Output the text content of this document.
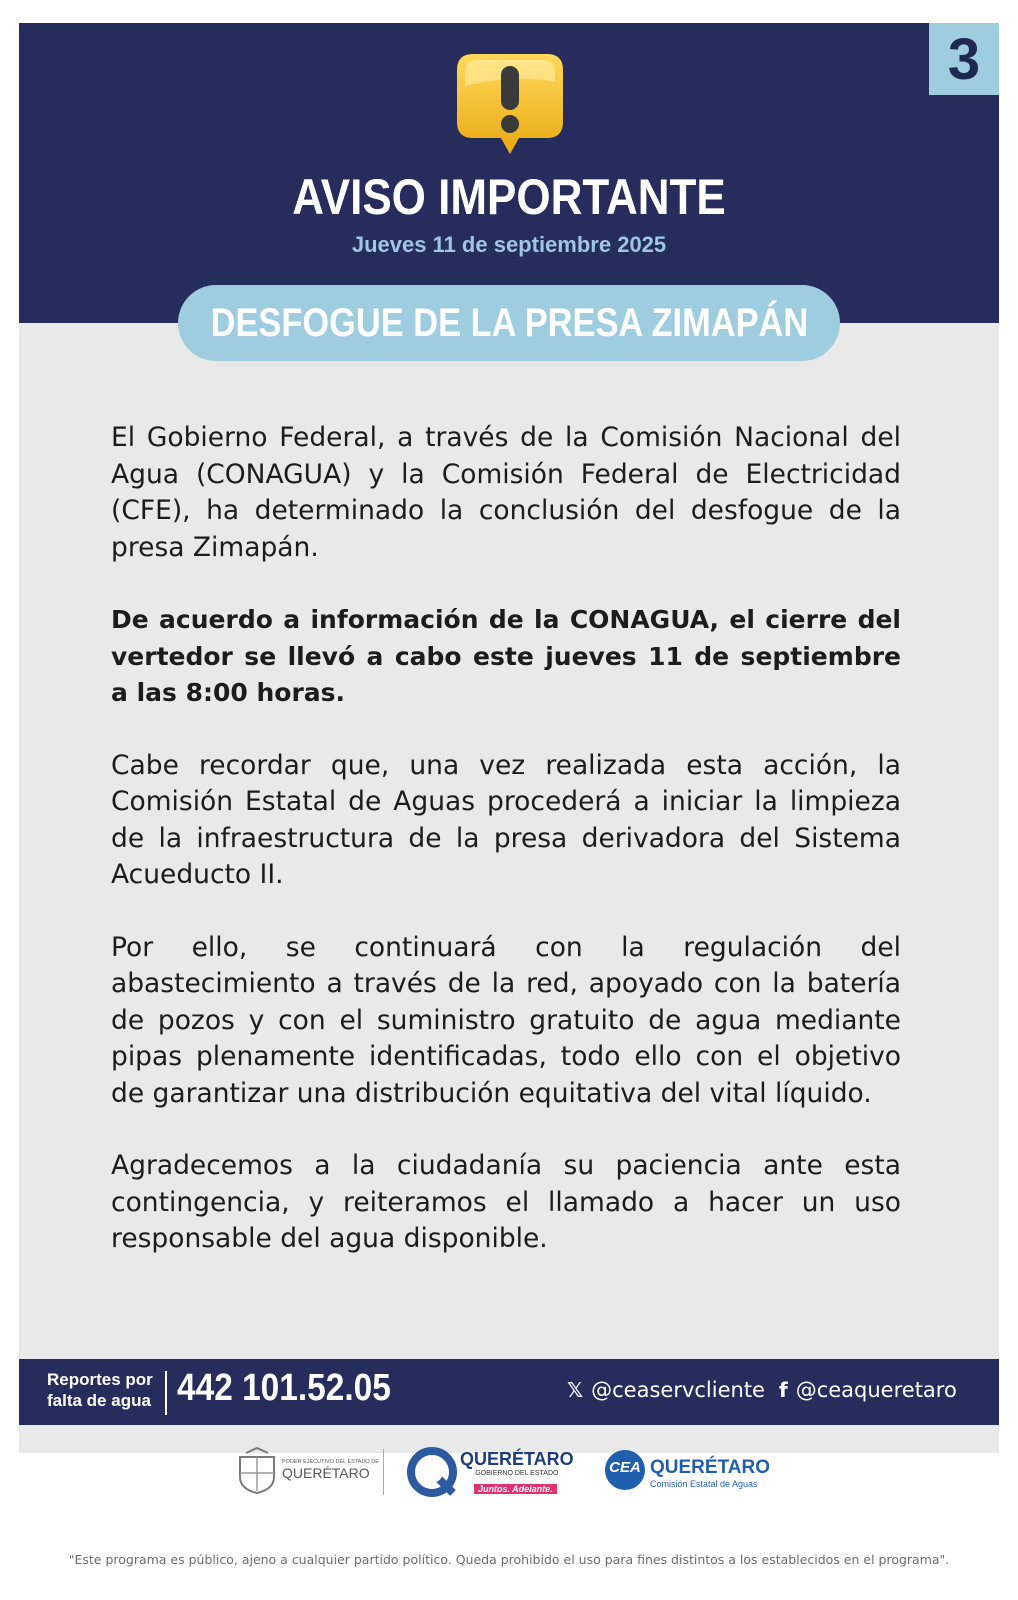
3
AVISO IMPORTANTE
Jueves 11 de septiembre 2025
DESFOGUE DE LA PRESA ZIMAPÁN

El Gobierno Federal, a través de la Comisión Nacional del Agua (CONAGUA) y la Comisión Federal de Electricidad (CFE), ha determinado la conclusión del desfogue de la presa Zimapán.

De acuerdo a información de la CONAGUA, el cierre del vertedor se llevó a cabo este jueves 11 de septiembre a las 8:00 horas.

Cabe recordar que, una vez realizada esta acción, la Comisión Estatal de Aguas procederá a iniciar la limpieza de la infraestructura de la presa derivadora del Sistema Acueducto II.

Por ello, se continuará con la regulación del abastecimiento a través de la red, apoyado con la batería de pozos y con el suministro gratuito de agua mediante pipas plenamente identificadas, todo ello con el objetivo de garantizar una distribución equitativa del vital líquido.

Agradecemos a la ciudadanía su paciencia ante esta contingencia, y reiteramos el llamado a hacer un uso responsable del agua disponible.

Reportes por
falta de agua 442 101.52.05	𝕏 @ceaservcliente f @ceaqueretaro
PODER EJECUTIVO DEL ESTADO DE
QUERÉTARO
QUERÉTARO
GOBIERNO DEL ESTADO
Juntos. Adelante.
CEA QUERÉTARO
Comisión Estatal de Aguas
"Este programa es público, ajeno a cualquier partido político. Queda prohibido el uso para fines distintos a los establecidos en el programa".
